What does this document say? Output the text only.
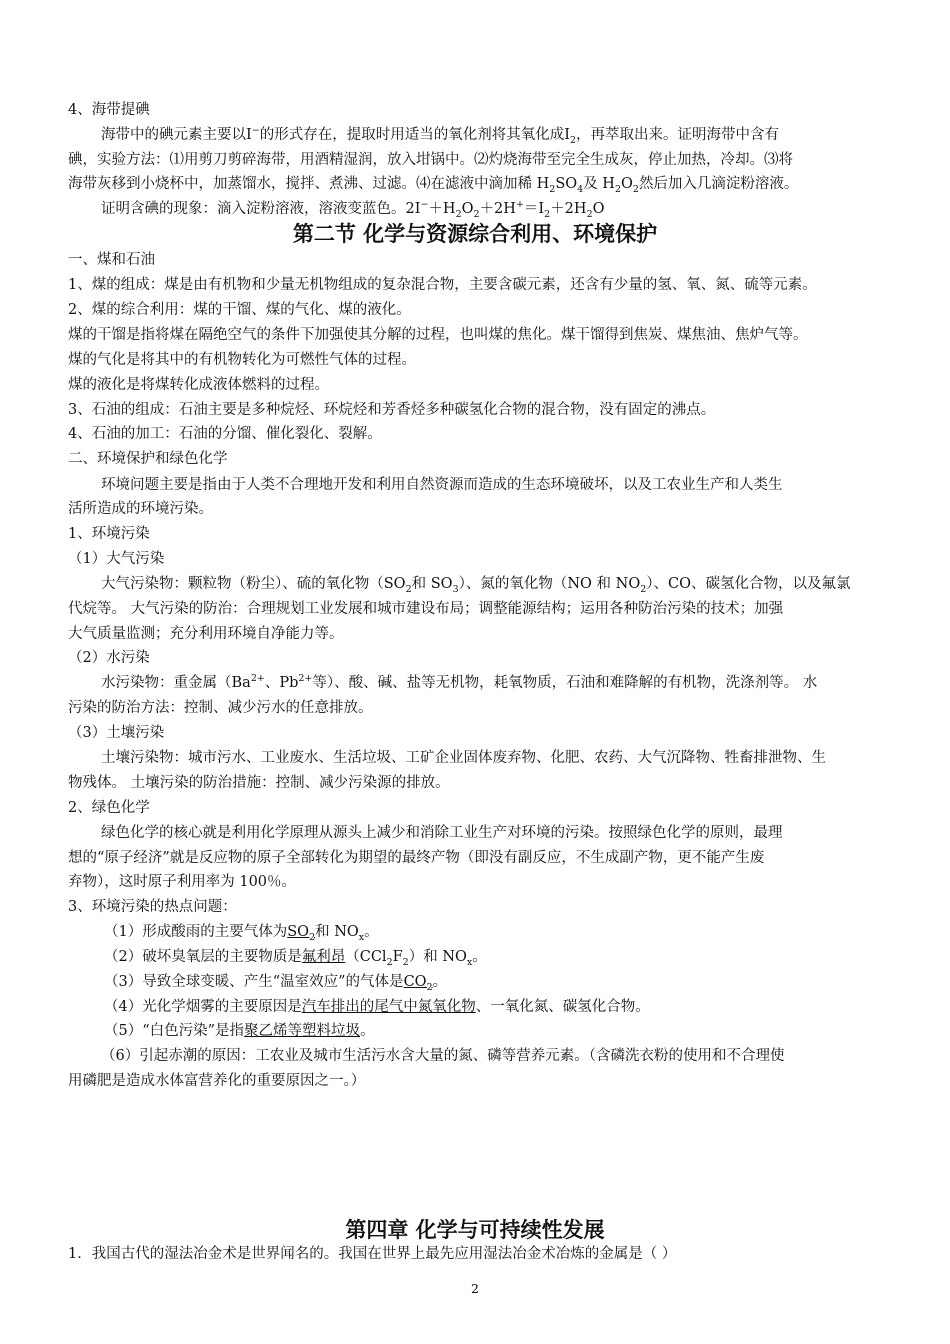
4、海带提碘
海带中的碘元素主要以I−的形式存在，提取时用适当的氧化剂将其氧化成$I_2$，再萃取出来。证明海带中含有
碘，实验方法：⑴用剪刀剪碎海带，用酒精湿润，放入坩锅中。⑵灼烧海带至完全生成灰，停止加热，冷却。⑶将
海带灰移到小烧杯中，加蒸馏水，搅拌、煮沸、过滤。⑷在滤液中滴加稀 $H_2SO_4$及 $H_2O_2$然后加入几滴淀粉溶液。
证明含碘的现象：滴入淀粉溶液，溶液变蓝色。$2I^-+H_2O_2+2H^+=I_2+2H_2O$
第二节 化学与资源综合利用、环境保护
一、煤和石油
1、煤的组成：煤是由有机物和少量无机物组成的复杂混合物，主要含碳元素，还含有少量的氢、氧、氮、硫等元素。
2、煤的综合利用：煤的干馏、煤的气化、煤的液化。
煤的干馏是指将煤在隔绝空气的条件下加强使其分解的过程，也叫煤的焦化。煤干馏得到焦炭、煤焦油、焦炉气等。
煤的气化是将其中的有机物转化为可燃性气体的过程。
煤的液化是将煤转化成液体燃料的过程。
3、石油的组成：石油主要是多种烷烃、环烷烃和芳香烃多种碳氢化合物的混合物，没有固定的沸点。
4、石油的加工：石油的分馏、催化裂化、裂解。
二、环境保护和绿色化学
环境问题主要是指由于人类不合理地开发和利用自然资源而造成的生态环境破坏，以及工农业生产和人类生
活所造成的环境污染。
1、环境污染
（1）大气污染
大气污染物：颗粒物（粉尘）、硫的氧化物（$SO_2$和 $SO_3$）、氮的氧化物（NO 和 $NO_2$）、CO、碳氢化合物，以及氟氯
代烷等。 大气污染的防治：合理规划工业发展和城市建设布局；调整能源结构；运用各种防治污染的技术；加强
大气质量监测；充分利用环境自净能力等。
（2）水污染
水污染物：重金属（$Ba^{2+}$、$Pb^{2+}$等）、酸、碱、盐等无机物，耗氧物质，石油和难降解的有机物，洗涤剂等。 水
污染的防治方法：控制、减少污水的任意排放。
（3）土壤污染
土壤污染物：城市污水、工业废水、生活垃圾、工矿企业固体废弃物、化肥、农药、大气沉降物、牲畜排泄物、生
物残体。 土壤污染的防治措施：控制、减少污染源的排放。
2、绿色化学
绿色化学的核心就是利用化学原理从源头上减少和消除工业生产对环境的污染。按照绿色化学的原则，最理
想的“原子经济”就是反应物的原子全部转化为期望的最终产物（即没有副反应，不生成副产物，更不能产生废
弃物），这时原子利用率为 100％。
3、环境污染的热点问题：
（1）形成酸雨的主要气体为$SO_2$和 $NO_x$。
（2）破坏臭氧层的主要物质是氟利昂$(CCl_2F_2)$和 $NO_x$。
（3）导致全球变暖、产生“温室效应”的气体是$CO_2$。
（4）光化学烟雾的主要原因是汽车排出的尾气中氮氧化物、一氧化氮、碳氢化合物。
（5）“白色污染”是指聚乙烯等塑料垃圾。
（6）引起赤潮的原因：工农业及城市生活污水含大量的氮、磷等营养元素。（含磷洗衣粉的使用和不合理使
用磷肥是造成水体富营养化的重要原因之一。）
第四章 化学与可持续性发展
1．我国古代的湿法冶金术是世界闻名的。我国在世界上最先应用湿法冶金术冶炼的金属是（ ）
2
